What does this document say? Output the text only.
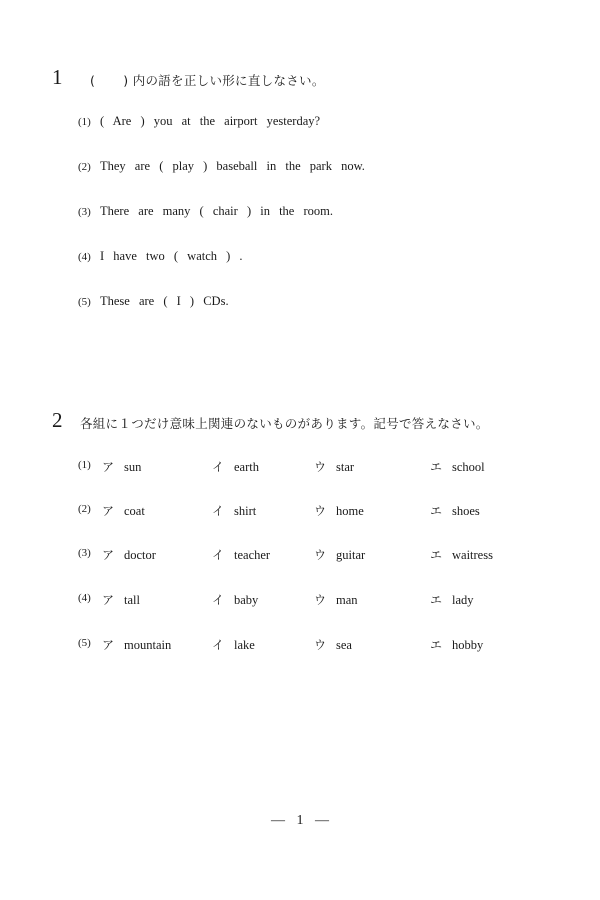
1 ( ) 内の語を正しい形に直しなさい。
(1) ( Are ) you at the airport yesterday?
(2) They are ( play ) baseball in the park now.
(3) There are many ( chair ) in the room.
(4) I have two ( watch ) .
(5) These are ( I ) CDs.
2 各組に１つだけ意味上関連のないものがあります。記号で答えなさい。
(1) ア sun	イ earth	ウ star	エ school
(2) ア coat	イ shirt	ウ home	エ shoes
(3) ア doctor	イ teacher	ウ guitar	エ waitress
(4) ア tall	イ baby	ウ man	エ lady
(5) ア mountain	イ lake	ウ sea	エ hobby
— 1 —
